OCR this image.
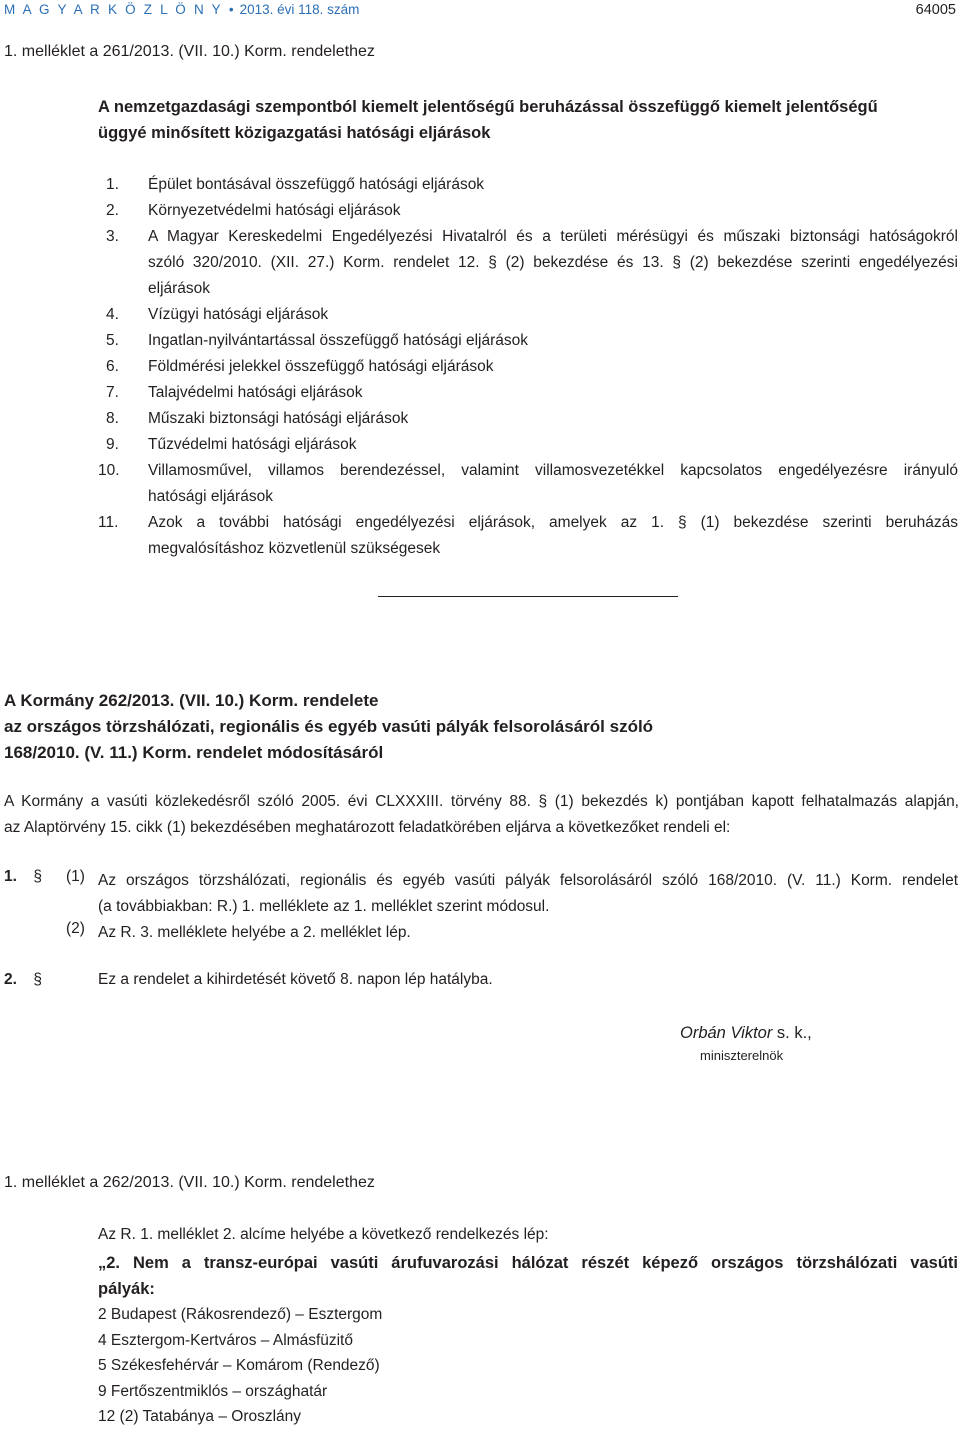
M A G Y A R K Ö Z L Ö N Y • 2013. évi 118. szám	64005
1. melléklet a 261/2013. (VII. 10.) Korm. rendelethez
A nemzetgazdasági szempontból kiemelt jelentőségű beruházással összefüggő kiemelt jelentőségű
üggyé minősített közigazgatási hatósági eljárások
1. Épület bontásával összefüggő hatósági eljárások
2. Környezetvédelmi hatósági eljárások
3. A Magyar Kereskedelmi Engedélyezési Hivatalról és a területi mérésügyi és műszaki biztonsági hatóságokról
szóló 320/2010. (XII. 27.) Korm. rendelet 12. § (2) bekezdése és 13. § (2) bekezdése szerinti engedélyezési
eljárások
4. Vízügyi hatósági eljárások
5. Ingatlan-nyilvántartással összefüggő hatósági eljárások
6. Földmérési jelekkel összefüggő hatósági eljárások
7. Talajvédelmi hatósági eljárások
8. Műszaki biztonsági hatósági eljárások
9. Tűzvédelmi hatósági eljárások
10. Villamosművel, villamos berendezéssel, valamint villamosvezetékkel kapcsolatos engedélyezésre irányuló
hatósági eljárások
11. Azok a további hatósági engedélyezési eljárások, amelyek az 1. § (1) bekezdése szerinti beruházás
megvalósításhoz közvetlenül szükségesek
A Kormány 262/2013. (VII. 10.) Korm. rendelete
az országos törzshálózati, regionális és egyéb vasúti pályák felsorolásáról szóló
168/2010. (V. 11.) Korm. rendelet módosításáról
A Kormány a vasúti közlekedésről szóló 2005. évi CLXXXIII. törvény 88. § (1) bekezdés k) pontjában kapott felhatalmazás alapján,
az Alaptörvény 15. cikk (1) bekezdésében meghatározott feladatkörében eljárva a következőket rendeli el:
1. § (1) Az országos törzshálózati, regionális és egyéb vasúti pályák felsorolásáról szóló 168/2010. (V. 11.) Korm. rendelet
(a továbbiakban: R.) 1. melléklete az 1. melléklet szerint módosul.
(2) Az R. 3. melléklete helyébe a 2. melléklet lép.
2. §	Ez a rendelet a kihirdetését követő 8. napon lép hatályba.
Orbán Viktor s. k.,
miniszterelnök
1. melléklet a 262/2013. (VII. 10.) Korm. rendelethez
Az R. 1. melléklet 2. alcíme helyébe a következő rendelkezés lép:
„2. Nem a transz-európai vasúti árufuvarozási hálózat részét képező országos törzshálózati vasúti
pályák:
2 Budapest (Rákosrendező) – Esztergom
4 Esztergom-Kertváros – Almásfüzitő
5 Székesfehérvár – Komárom (Rendező)
9 Fertőszentmiklós – országhatár
12 (2) Tatabánya – Oroszlány
